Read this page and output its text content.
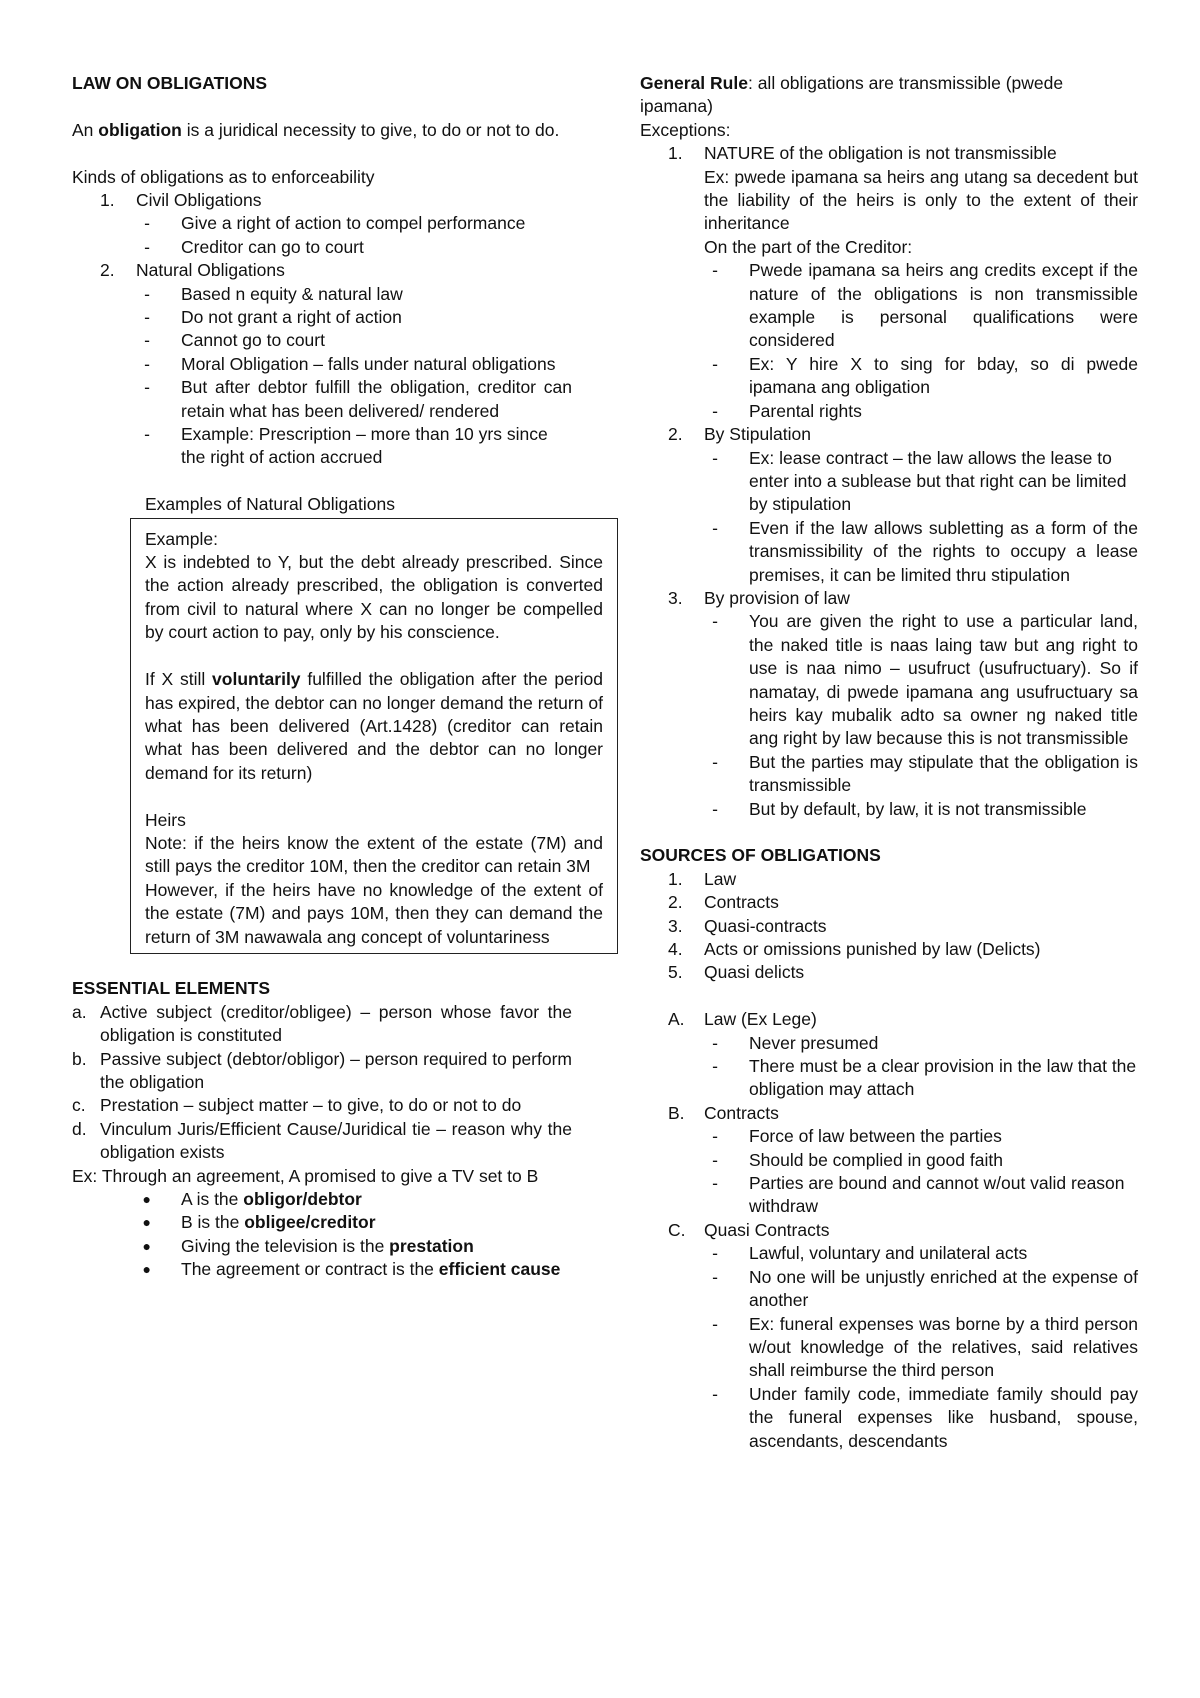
LAW ON OBLIGATIONS

An obligation is a juridical necessity to give, to do or not to do.

Kinds of obligations as to enforceability

1.	Civil Obligations
-	Give a right of action to compel performance
-	Creditor can go to court
2.	Natural Obligations
-	Based n equity & natural law
-	Do not grant a right of action
-	Cannot go to court
-	Moral Obligation – falls under natural obligations
-	But after debtor fulfill the obligation, creditor can retain what has been delivered/ rendered
-	Example: Prescription – more than 10 yrs since the right of action accrued

Examples of Natural Obligations

Example:

X is indebted to Y, but the debt already prescribed. Since the action already prescribed, the obligation is converted from civil to natural where X can no longer be compelled by court action to pay, only by his conscience.

If X still voluntarily fulfilled the obligation after the period has expired, the debtor can no longer demand the return of what has been delivered (Art.1428) (creditor can retain what has been delivered and the debtor can no longer demand for its return)

Heirs

Note: if the heirs know the extent of the estate (7M) and still pays the creditor 10M, then the creditor can retain 3M

However, if the heirs have no knowledge of the extent of the estate (7M) and pays 10M, then they can demand the return of 3M nawawala ang concept of voluntariness

ESSENTIAL ELEMENTS

a. Active subject (creditor/obligee) – person whose favor the obligation is constituted
b. Passive subject (debtor/obligor) – person required to perform the obligation
c. Prestation – subject matter – to give, to do or not to do
d. Vinculum Juris/Efficient Cause/Juridical tie – reason why the obligation exists

Ex: Through an agreement, A promised to give a TV set to B

●	A is the obligor/debtor
●	B is the obligee/creditor
●	Giving the television is the prestation
●	The agreement or contract is the efficient cause

General Rule: all obligations are transmissible (pwede ipamana)

Exceptions:

1.	NATURE of the obligation is not transmissible
Ex: pwede ipamana sa heirs ang utang sa decedent but the liability of the heirs is only to the extent of their inheritance
On the part of the Creditor:
-	Pwede ipamana sa heirs ang credits except if the nature of the obligations is non transmissible example is personal qualifications were considered
-	Ex: Y hire X to sing for bday, so di pwede ipamana ang obligation
-	Parental rights
2.	By Stipulation
-	Ex: lease contract – the law allows the lease to enter into a sublease but that right can be limited by stipulation
-	Even if the law allows subletting as a form of the transmissibility of the rights to occupy a lease premises, it can be limited thru stipulation
3.	By provision of law
-	You are given the right to use a particular land, the naked title is naas laing taw but ang right to use is naa nimo – usufruct (usufructuary). So if namatay, di pwede ipamana ang usufructuary sa heirs kay mubalik adto sa owner ng naked title ang right by law because this is not transmissible
-	But the parties may stipulate that the obligation is transmissible
-	But by default, by law, it is not transmissible

SOURCES OF OBLIGATIONS

1.	Law
2.	Contracts
3.	Quasi-contracts
4.	Acts or omissions punished by law (Delicts)
5.	Quasi delicts
A.	Law (Ex Lege)
-	Never presumed
-	There must be a clear provision in the law that the obligation may attach
B.	Contracts
-	Force of law between the parties
-	Should be complied in good faith
-	Parties are bound and cannot w/out valid reason withdraw
C.	Quasi Contracts
-	Lawful, voluntary and unilateral acts
-	No one will be unjustly enriched at the expense of another
-	Ex: funeral expenses was borne by a third person w/out knowledge of the relatives, said relatives shall reimburse the third person
-	Under family code, immediate family should pay the funeral expenses like husband, spouse, ascendants, descendants
